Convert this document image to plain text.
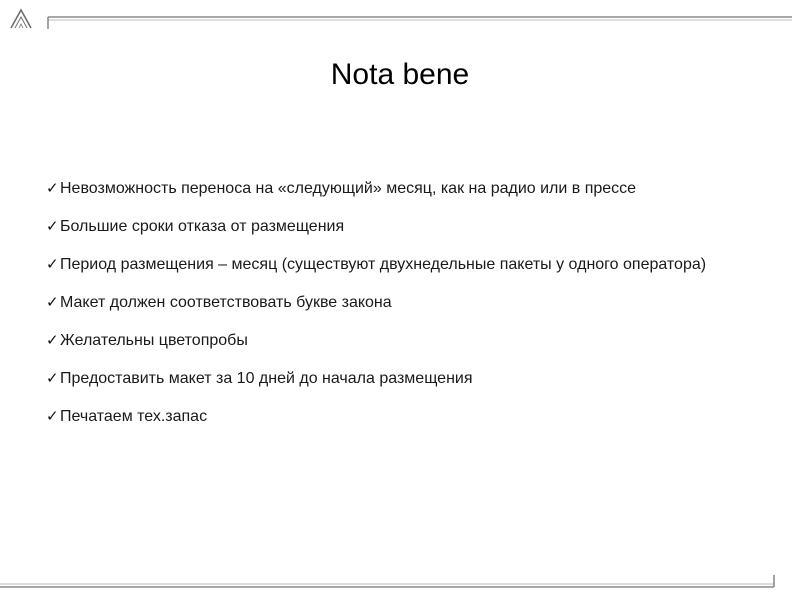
Nota bene
✓ Невозможность переноса на «следующий» месяц, как на радио или в прессе
✓ Большие сроки отказа от размещения
✓ Период размещения – месяц (существуют двухнедельные пакеты у одного оператора)
✓ Макет должен соответствовать букве закона
✓ Желательны цветопробы
✓ Предоставить макет за 10 дней до начала размещения
✓ Печатаем тех.запас
